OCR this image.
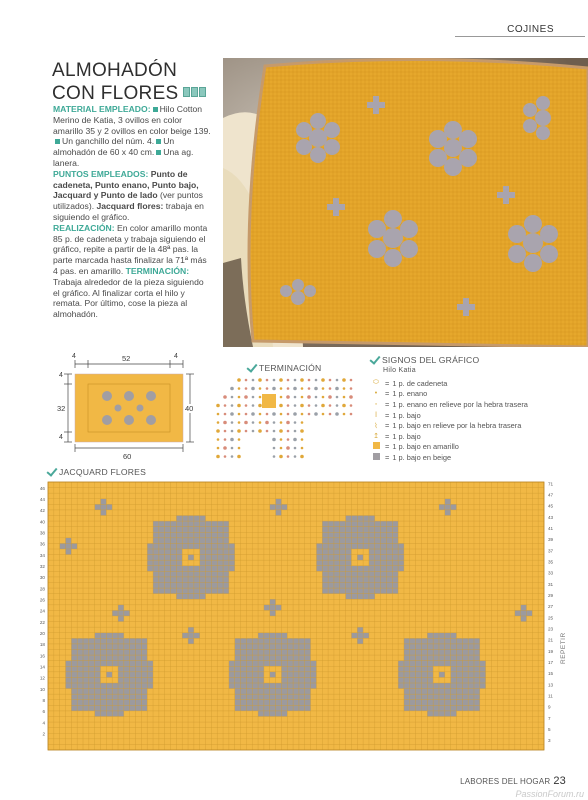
COJINES
ALMOHADÓN
CON FLORES

MATERIAL EMPLEADO: Hilo Cotton Merino de Katia, 3 ovillos en color amarillo 35 y 2 ovillos en color beige 139.Un ganchillo del núm. 4. Un almohadón de 60 x 40 cm. Una ag. lanera.

PUNTOS EMPLEADOS: Punto de cadeneta, Punto enano, Punto bajo, Jacquard y Punto de lado (ver puntos utilizados). Jacquard flores: trabaja en siguiendo el gráfico.

REALIZACIÓN: En color amarillo monta 85 p. de cadeneta y trabaja siguiendo el gráfico, repite a partir de la 48ª pas. la parte marcada hasta finalizar la 71ª más 4 pas. en amarillo. TERMINACIÓN: Trabaja alrededor de la pieza siguiendo el gráfico. Al finalizar corta el hilo y remata. Por último, cose la pieza al almohadón.

4	52	4
4
32
4
40
60
TERMINACIÓN
SIGNOS DEL GRÁFICO
Hilo Katia
⬭ = 1 p. de cadeneta
•	= 1 p. enano
◦	= 1 p. enano en relieve por la hebra trasera
ǀ	= 1 p. bajo
⌇ = 1 p. bajo en relieve por la hebra trasera
↥ = 1 p. bajo
= 1 p. bajo en amarillo
= 1 p. bajo en beige
JACQUARD FLORES
46
44
42
40
38
36
34
32
30
28
26
24
22
20
18
16
14
12
10
8
6
4
2
71
47
45
43
41
39
37
35
33
31
29
27
25
23
21
19
17
15
13
11
9
7
5
3
REPETIR
LABORES DEL HOGAR 23
PassionForum.ru
